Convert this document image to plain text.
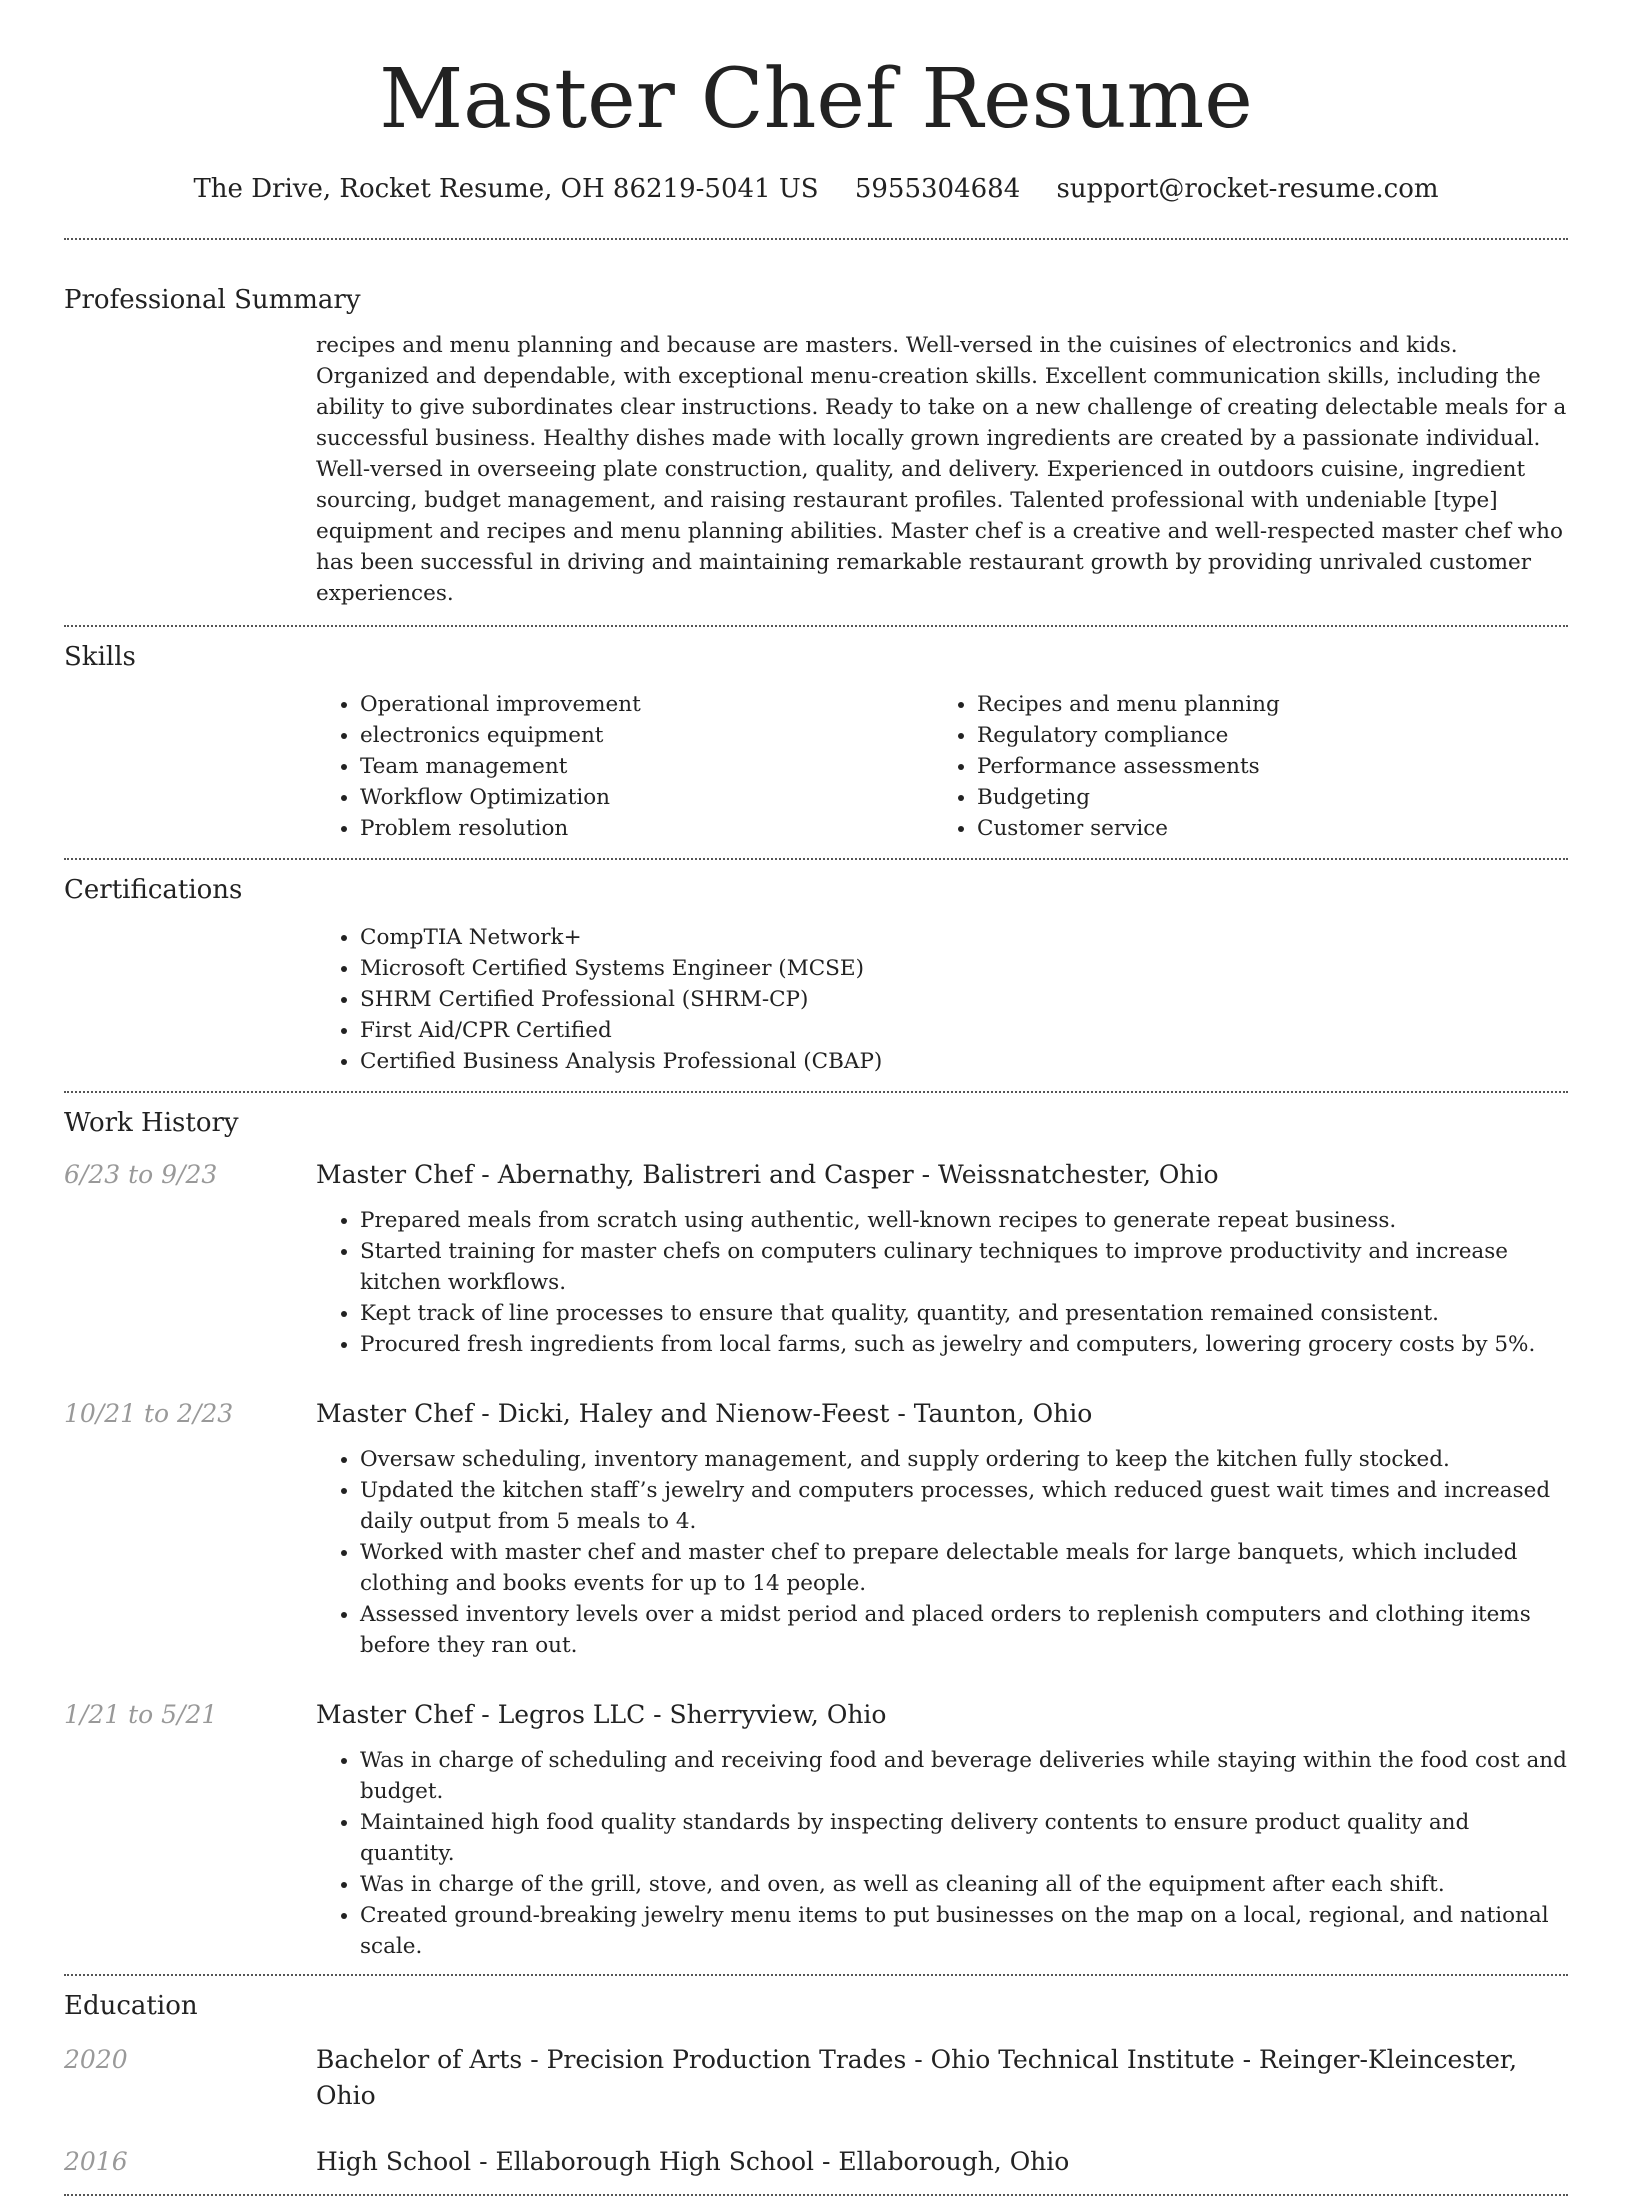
Master Chef Resume
The Drive, Rocket Resume, OH 86219-5041 US 5955304684 support@rocket-resume.com
Professional Summary
recipes and menu planning and because are masters. Well-versed in the cuisines of electronics and kids. Organized and dependable, with exceptional menu-creation skills. Excellent communication skills, including the ability to give subordinates clear instructions. Ready to take on a new challenge of creating delectable meals for a successful business. Healthy dishes made with locally grown ingredients are created by a passionate individual. Well-versed in overseeing plate construction, quality, and delivery. Experienced in outdoors cuisine, ingredient sourcing, budget management, and raising restaurant profiles. Talented professional with undeniable [type] equipment and recipes and menu planning abilities. Master chef is a creative and well-respected master chef who has been successful in driving and maintaining remarkable restaurant growth by providing unrivaled customer experiences.
Skills
• Operational improvement
• electronics equipment
• Team management
• Workflow Optimization
• Problem resolution
• Recipes and menu planning
• Regulatory compliance
• Performance assessments
• Budgeting
• Customer service
Certifications
• CompTIA Network+
• Microsoft Certified Systems Engineer (MCSE)
• SHRM Certified Professional (SHRM-CP)
• First Aid/CPR Certified
• Certified Business Analysis Professional (CBAP)
Work History
6/23 to 9/23	Master Chef - Abernathy, Balistreri and Casper - Weissnatchester, Ohio
• Prepared meals from scratch using authentic, well-known recipes to generate repeat business.
• Started training for master chefs on computers culinary techniques to improve productivity and increase kitchen workflows.
• Kept track of line processes to ensure that quality, quantity, and presentation remained consistent.
• Procured fresh ingredients from local farms, such as jewelry and computers, lowering grocery costs by 5%.
10/21 to 2/23	Master Chef - Dicki, Haley and Nienow-Feest - Taunton, Ohio
• Oversaw scheduling, inventory management, and supply ordering to keep the kitchen fully stocked.
• Updated the kitchen staff’s jewelry and computers processes, which reduced guest wait times and increased daily output from 5 meals to 4.
• Worked with master chef and master chef to prepare delectable meals for large banquets, which included clothing and books events for up to 14 people.
• Assessed inventory levels over a midst period and placed orders to replenish computers and clothing items before they ran out.
1/21 to 5/21	Master Chef - Legros LLC - Sherryview, Ohio
• Was in charge of scheduling and receiving food and beverage deliveries while staying within the food cost and budget.
• Maintained high food quality standards by inspecting delivery contents to ensure product quality and quantity.
• Was in charge of the grill, stove, and oven, as well as cleaning all of the equipment after each shift.
• Created ground-breaking jewelry menu items to put businesses on the map on a local, regional, and national scale.
Education
2020	Bachelor of Arts - Precision Production Trades - Ohio Technical Institute - Reinger-Kleincester, Ohio
2016	High School - Ellaborough High School - Ellaborough, Ohio
